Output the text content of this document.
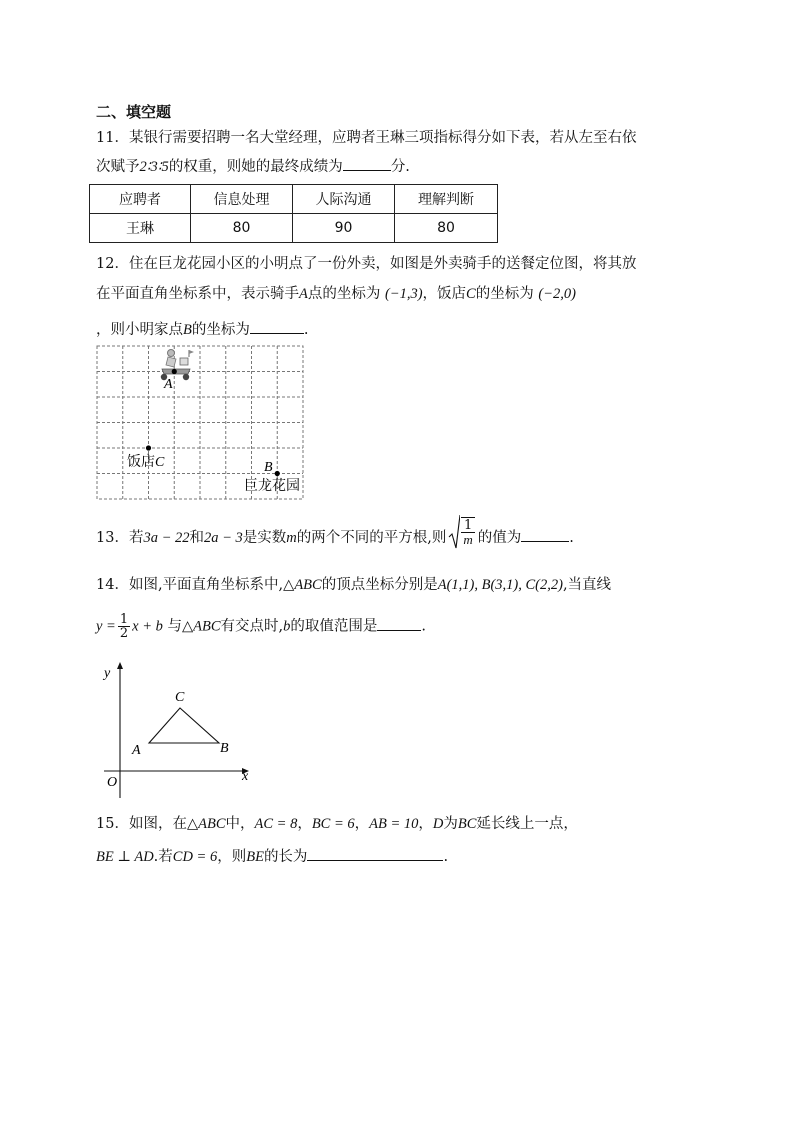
二、填空题
11．某银行需要招聘一名大堂经理，应聘者王琳三项指标得分如下表，若从左至右依
次赋予2∶3∶5的权重，则她的最终成绩为	分.
应聘者	信息处理	人际沟通	理解判断
王琳	80	90	80
12．住在巨龙花园小区的小明点了一份外卖，如图是外卖骑手的送餐定位图，将其放
在平面直角坐标系中，表示骑手A点的坐标为 (−1,3)，饭店C的坐标为 (−2,0)
，则小明家点B的坐标为	.
A
饭店C	B
巨龙花园
13．若3a − 22和2a − 3是实数m的两个不同的平方根,则 $\frac{1}{m}$ 的值为	.
14．如图,平面直角坐标系中,△ABC的顶点坐标分别是A(1,1), B(3,1), C(2,2),当直线
$y = \frac{1}{2}$ x + b 与△ABC有交点时,b的取值范围是	.
y
x
O
A	B
C
15．如图，在△ABC中，AC = 8，BC = 6，AB = 10，D为BC延长线上一点，
BE ⊥ AD.若CD = 6，则BE的长为	.
